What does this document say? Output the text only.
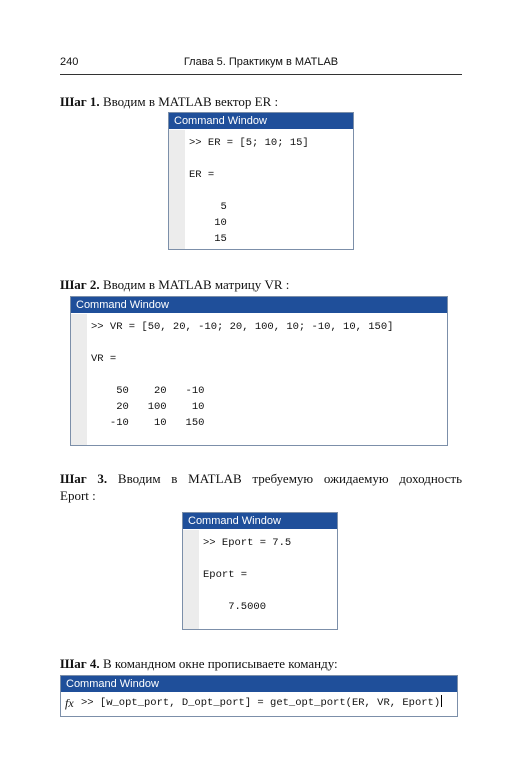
240	Глава 5. Практикум в MATLAB
Шаг 1. Вводим в MATLAB вектор ER :
Command Window
>> ER = [5; 10; 15]

ER =

5
10
15
Шаг 2. Вводим в MATLAB матрицу VR :
Command Window
>> VR = [50, 20, -10; 20, 100, 10; -10, 10, 150]

VR =

50    20   -10
20   100    10
-10    10   150
Шаг 3. Вводим в MATLAB требуемую ожидаемую доходность
Eport :
Command Window
>> Eport = 7.5

Eport =

7.5000
Шаг 4. В командном окне прописываете команду:
Command Window
fx >> [w_opt_port, D_opt_port] = get_opt_port(ER, VR, Eport)
